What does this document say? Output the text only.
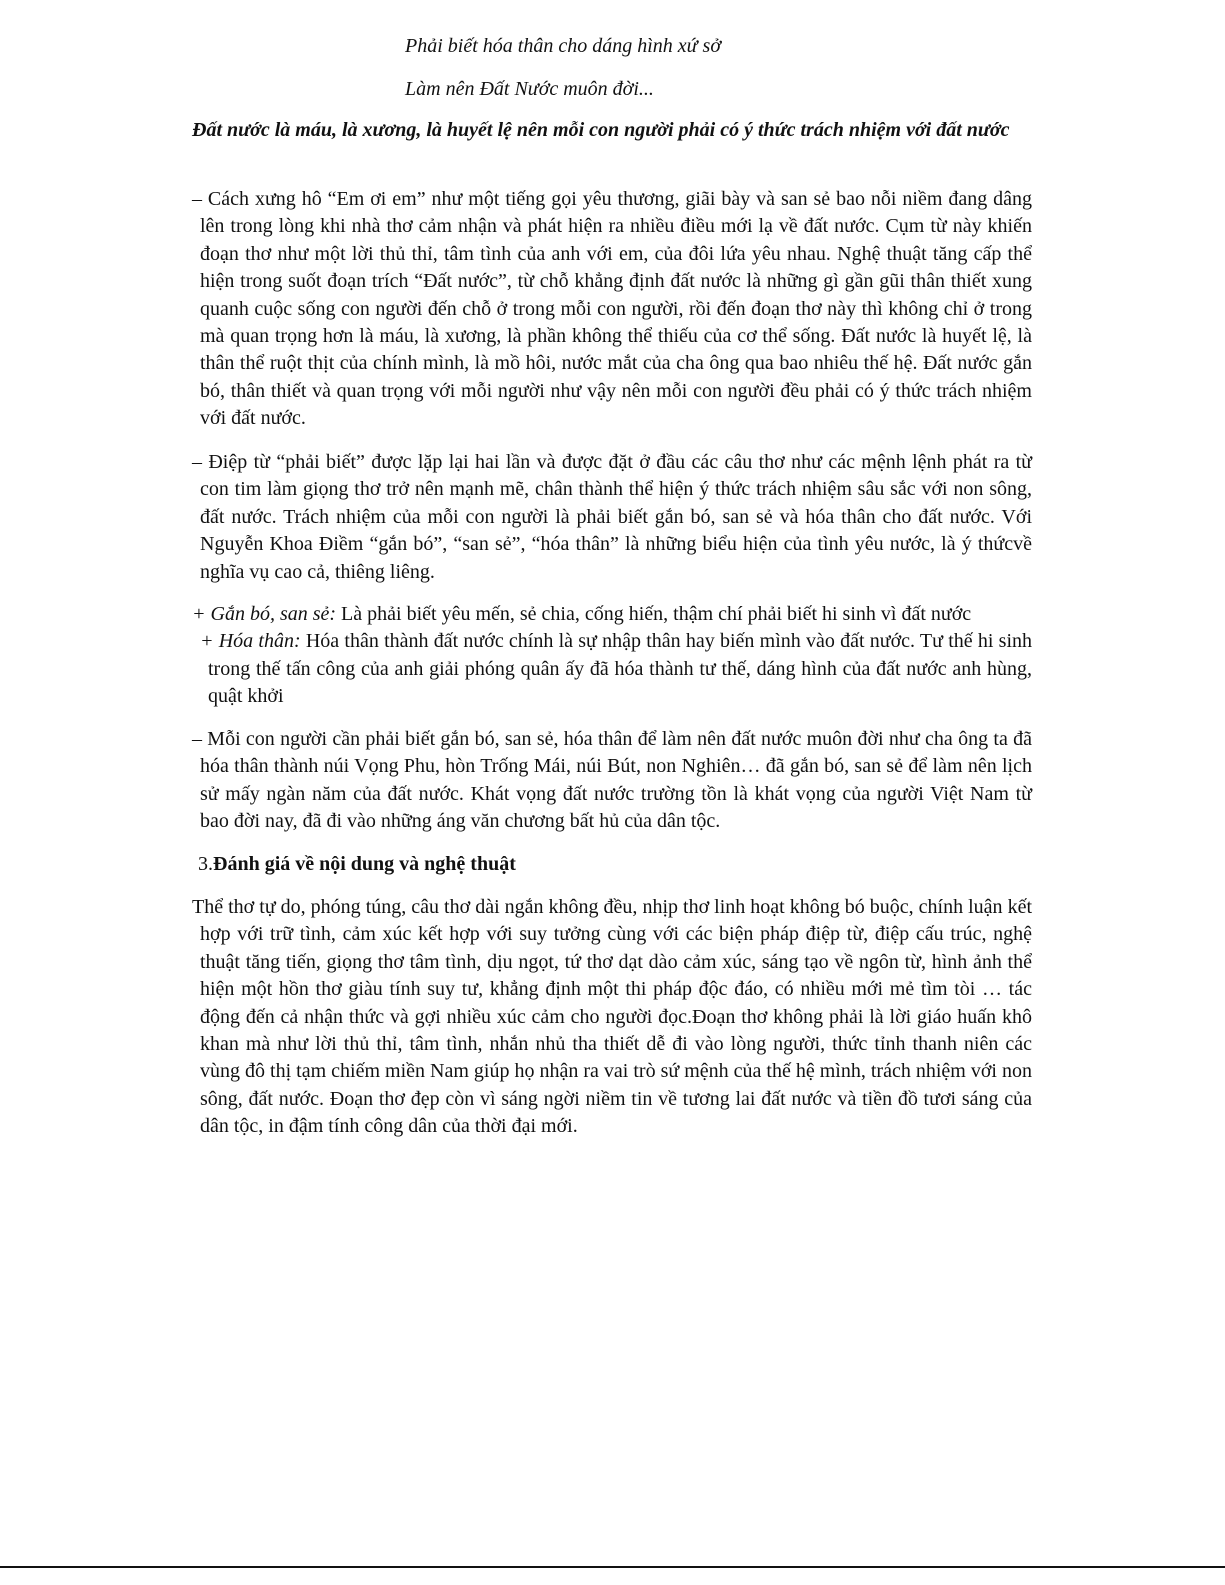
Phải biết hóa thân cho dáng hình xứ sở

Làm nên Đất Nước muôn đời...

Đất nước là máu, là xương, là huyết lệ nên mỗi con người phải có ý thức trách nhiệm với đất nước

– Cách xưng hô “Em ơi em” như một tiếng gọi yêu thương, giãi bày và san sẻ bao nỗi niềm đang dâng lên trong lòng khi nhà thơ cảm nhận và phát hiện ra nhiều điều mới lạ về đất nước. Cụm từ này khiến đoạn thơ như một lời thủ thỉ, tâm tình của anh với em, của đôi lứa yêu nhau. Nghệ thuật tăng cấp thể hiện trong suốt đoạn trích “Đất nước”, từ chỗ khẳng định đất nước là những gì gần gũi thân thiết xung quanh cuộc sống con người đến chỗ ở trong mỗi con người, rồi đến đoạn thơ này thì không chỉ ở trong mà quan trọng hơn là máu, là xương, là phần không thể thiếu của cơ thể sống. Đất nước là huyết lệ, là thân thể ruột thịt của chính mình, là mồ hôi, nước mắt của cha ông qua bao nhiêu thế hệ. Đất nước gắn bó, thân thiết và quan trọng với mỗi người như vậy nên mỗi con người đều phải có ý thức trách nhiệm với đất nước.

– Điệp từ “phải biết” được lặp lại hai lần và được đặt ở đầu các câu thơ như các mệnh lệnh phát ra từ con tim làm giọng thơ trở nên mạnh mẽ, chân thành thể hiện ý thức trách nhiệm sâu sắc với non sông, đất nước. Trách nhiệm của mỗi con người là phải biết gắn bó, san sẻ và hóa thân cho đất nước. Với Nguyễn Khoa Điềm “gắn bó”, “san sẻ”, “hóa thân” là những biểu hiện của tình yêu nước, là ý thứcvề nghĩa vụ cao cả, thiêng liêng.

+ Gắn bó, san sẻ: Là phải biết yêu mến, sẻ chia, cống hiến, thậm chí phải biết hi sinh vì đất nước
+ Hóa thân: Hóa thân thành đất nước chính là sự nhập thân hay biến mình vào đất nước. Tư thế hi sinh trong thế tấn công của anh giải phóng quân ấy đã hóa thành tư thế, dáng hình của đất nước anh hùng, quật khởi

– Mỗi con người cần phải biết gắn bó, san sẻ, hóa thân để làm nên đất nước muôn đời như cha ông ta đã hóa thân thành núi Vọng Phu, hòn Trống Mái, núi Bút, non Nghiên… đã gắn bó, san sẻ để làm nên lịch sử mấy ngàn năm của đất nước. Khát vọng đất nước trường tồn là khát vọng của người Việt Nam từ bao đời nay, đã đi vào những áng văn chương bất hủ của dân tộc.

3.Đánh giá về nội dung và nghệ thuật

Thể thơ tự do, phóng túng, câu thơ dài ngắn không đều, nhịp thơ linh hoạt không bó buộc, chính luận kết hợp với trữ tình, cảm xúc kết hợp với suy tưởng cùng với các biện pháp điệp từ, điệp cấu trúc, nghệ thuật tăng tiến, giọng thơ tâm tình, dịu ngọt, tứ thơ dạt dào cảm xúc, sáng tạo về ngôn từ, hình ảnh thể hiện một hồn thơ giàu tính suy tư, khẳng định một thi pháp độc đáo, có nhiều mới mẻ tìm tòi … tác động đến cả nhận thức và gợi nhiều xúc cảm cho người đọc.Đoạn thơ không phải là lời giáo huấn khô khan mà như lời thủ thỉ, tâm tình, nhắn nhủ tha thiết dễ đi vào lòng người, thức tỉnh thanh niên các vùng đô thị tạm chiếm miền Nam giúp họ nhận ra vai trò sứ mệnh của thế hệ mình, trách nhiệm với non sông, đất nước. Đoạn thơ đẹp còn vì sáng ngời niềm tin về tương lai đất nước và tiền đồ tươi sáng của dân tộc, in đậm tính công dân của thời đại mới.
